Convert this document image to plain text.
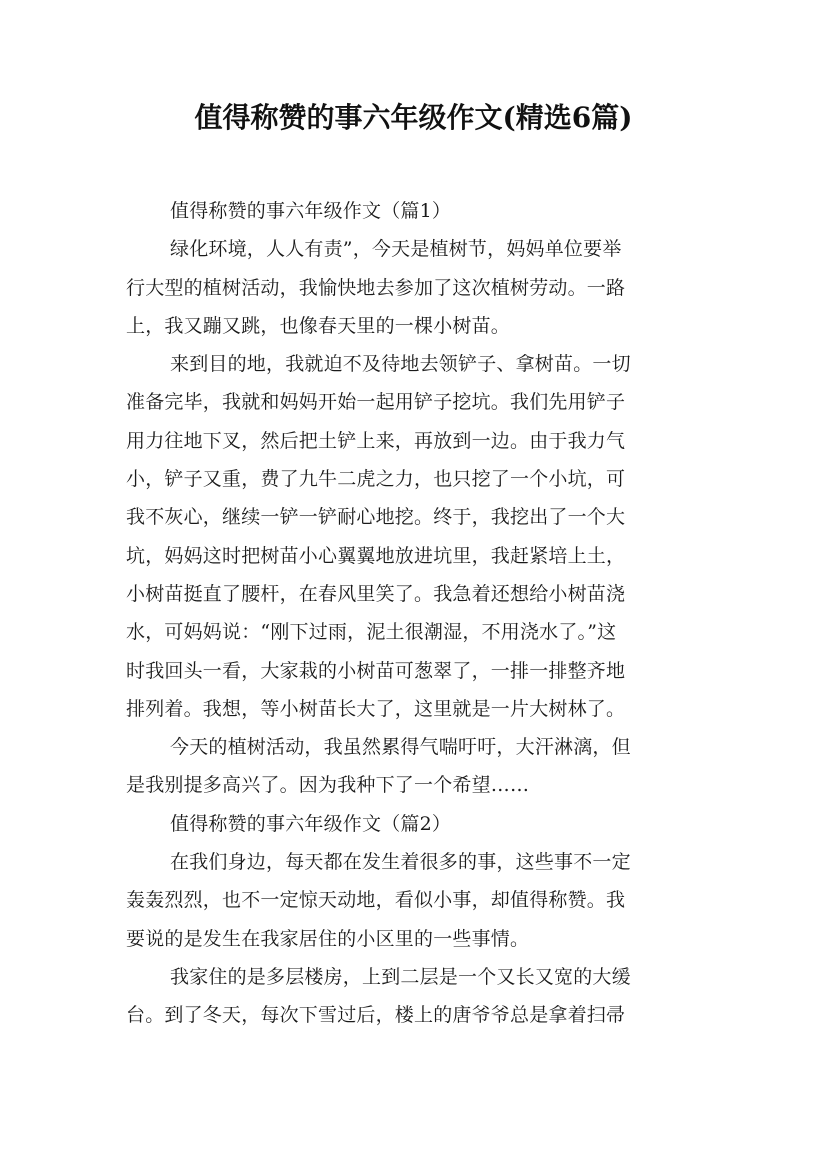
值得称赞的事六年级作文(精选6篇)
值得称赞的事六年级作文（篇1）
绿化环境，人人有责”，今天是植树节，妈妈单位要举
行大型的植树活动，我愉快地去参加了这次植树劳动。一路
上，我又蹦又跳，也像春天里的一棵小树苗。
来到目的地，我就迫不及待地去领铲子、拿树苗。一切
准备完毕，我就和妈妈开始一起用铲子挖坑。我们先用铲子
用力往地下叉，然后把土铲上来，再放到一边。由于我力气
小，铲子又重，费了九牛二虎之力，也只挖了一个小坑，可
我不灰心，继续一铲一铲耐心地挖。终于，我挖出了一个大
坑，妈妈这时把树苗小心翼翼地放进坑里，我赶紧培上土，
小树苗挺直了腰杆，在春风里笑了。我急着还想给小树苗浇
水，可妈妈说：“刚下过雨，泥土很潮湿，不用浇水了。”这
时我回头一看，大家栽的小树苗可葱翠了，一排一排整齐地
排列着。我想，等小树苗长大了，这里就是一片大树林了。
今天的植树活动，我虽然累得气喘吁吁，大汗淋漓，但
是我别提多高兴了。因为我种下了一个希望……
值得称赞的事六年级作文（篇2）
在我们身边，每天都在发生着很多的事，这些事不一定
轰轰烈烈，也不一定惊天动地，看似小事，却值得称赞。我
要说的是发生在我家居住的小区里的一些事情。
我家住的是多层楼房，上到二层是一个又长又宽的大缓
台。到了冬天，每次下雪过后，楼上的唐爷爷总是拿着扫帚
